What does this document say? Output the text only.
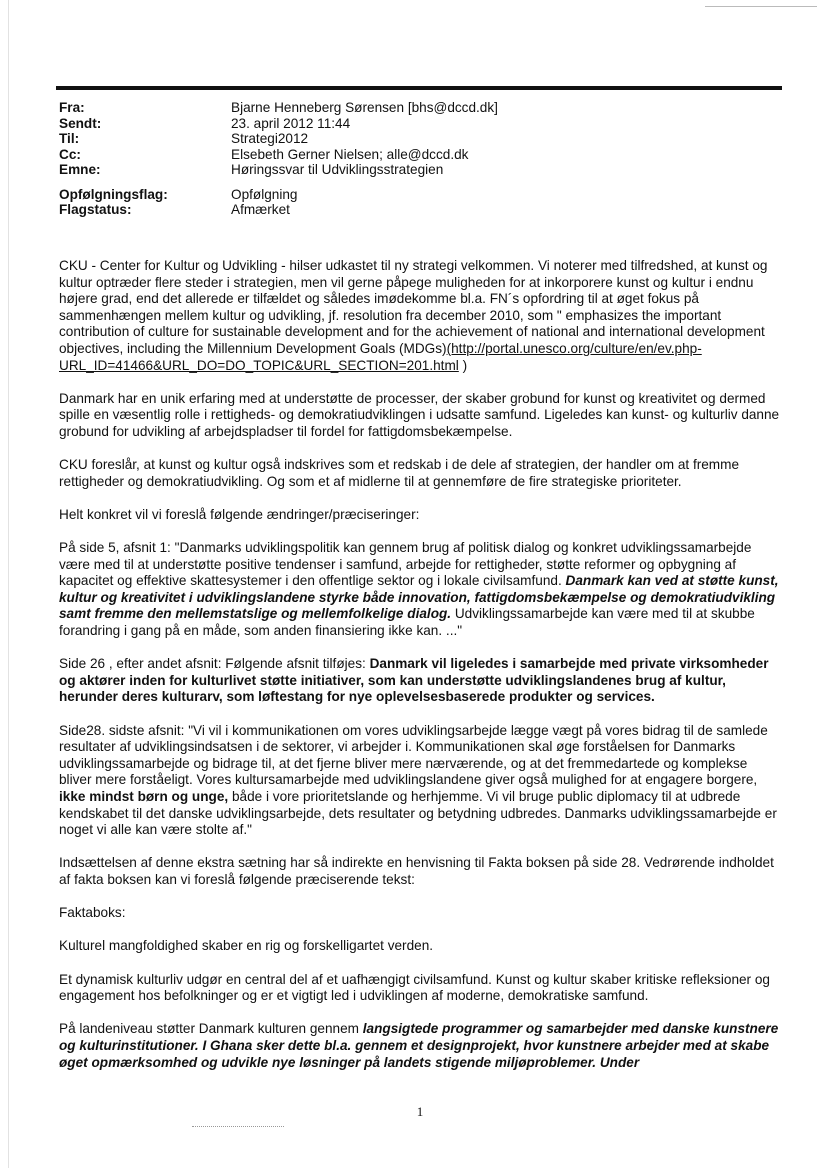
Fra:	Bjarne Henneberg Sørensen [bhs@dccd.dk]
Sendt:	23. april 2012 11:44
Til:	Strategi2012
Cc:	Elsebeth Gerner Nielsen; alle@dccd.dk
Emne:	Høringssvar til Udviklingsstrategien
Opfølgningsflag:	Opfølgning
Flagstatus:	Afmærket

CKU - Center for Kultur og Udvikling - hilser udkastet til ny strategi velkommen. Vi noterer med tilfredshed, at kunst og kultur optræder flere steder i strategien, men vil gerne påpege muligheden for at inkorporere kunst og kultur i endnu højere grad, end det allerede er tilfældet og således imødekomme bl.a. FN´s opfordring til at øget fokus på sammenhængen mellem kultur og udvikling, jf. resolution fra december 2010, som " emphasizes the important contribution of culture for sustainable development and for the achievement of national and international development objectives, including the Millennium Development Goals (MDGs)(http://portal.unesco.org/culture/en/ev.php-URL_ID=41466&URL_DO=DO_TOPIC&URL_SECTION=201.html )

Danmark har en unik erfaring med at understøtte de processer, der skaber grobund for kunst og kreativitet og dermed spille en væsentlig rolle i rettigheds- og demokratiudviklingen i udsatte samfund. Ligeledes kan kunst- og kulturliv danne grobund for udvikling af arbejdspladser til fordel for fattigdomsbekæmpelse.

CKU foreslår, at kunst og kultur også indskrives som et redskab i de dele af strategien, der handler om at fremme rettigheder og demokratiudvikling. Og som et af midlerne til at gennemføre de fire strategiske prioriteter.

Helt konkret vil vi foreslå følgende ændringer/præciseringer:

På side 5, afsnit 1: "Danmarks udviklingspolitik kan gennem brug af politisk dialog og konkret udviklingssamarbejde være med til at understøtte positive tendenser i samfund, arbejde for rettigheder, støtte reformer og opbygning af kapacitet og effektive skattesystemer i den offentlige sektor og i lokale civilsamfund. Danmark kan ved at støtte kunst, kultur og kreativitet i udviklingslandene styrke både innovation, fattigdomsbekæmpelse og demokratiudvikling samt fremme den mellemstatslige og mellemfolkelige dialog. Udviklingssamarbejde kan være med til at skubbe forandring i gang på en måde, som anden finansiering ikke kan. ..."

Side 26 , efter andet afsnit: Følgende afsnit tilføjes: Danmark vil ligeledes i samarbejde med private virksomheder og aktører inden for kulturlivet støtte initiativer, som kan understøtte udviklingslandenes brug af kultur, herunder deres kulturarv, som løftestang for nye oplevelsesbaserede produkter og services.

Side28. sidste afsnit: "Vi vil i kommunikationen om vores udviklingsarbejde lægge vægt på vores bidrag til de samlede resultater af udviklingsindsatsen i de sektorer, vi arbejder i. Kommunikationen skal øge forståelsen for Danmarks udviklingssamarbejde og bidrage til, at det fjerne bliver mere nærværende, og at det fremmedartede og komplekse bliver mere forståeligt. Vores kultursamarbejde med udviklingslandene giver også mulighed for at engagere borgere, ikke mindst børn og unge, både i vore prioritetslande og herhjemme. Vi vil bruge public diplomacy til at udbrede kendskabet til det danske udviklingsarbejde, dets resultater og betydning udbredes. Danmarks udviklingssamarbejde er noget vi alle kan være stolte af."

Indsættelsen af denne ekstra sætning har så indirekte en henvisning til Fakta boksen på side 28. Vedrørende indholdet af fakta boksen kan vi foreslå følgende præciserende tekst:

Faktaboks:

Kulturel mangfoldighed skaber en rig og forskelligartet verden.

Et dynamisk kulturliv udgør en central del af et uafhængigt civilsamfund. Kunst og kultur skaber kritiske refleksioner og engagement hos befolkninger og er et vigtigt led i udviklingen af moderne, demokratiske samfund.

På landeniveau støtter Danmark kulturen gennem langsigtede programmer og samarbejder med danske kunstnere og kulturinstitutioner. I Ghana sker dette bl.a. gennem et designprojekt, hvor kunstnere arbejder med at skabe øget opmærksomhed og udvikle nye løsninger på landets stigende miljøproblemer. Under

1
